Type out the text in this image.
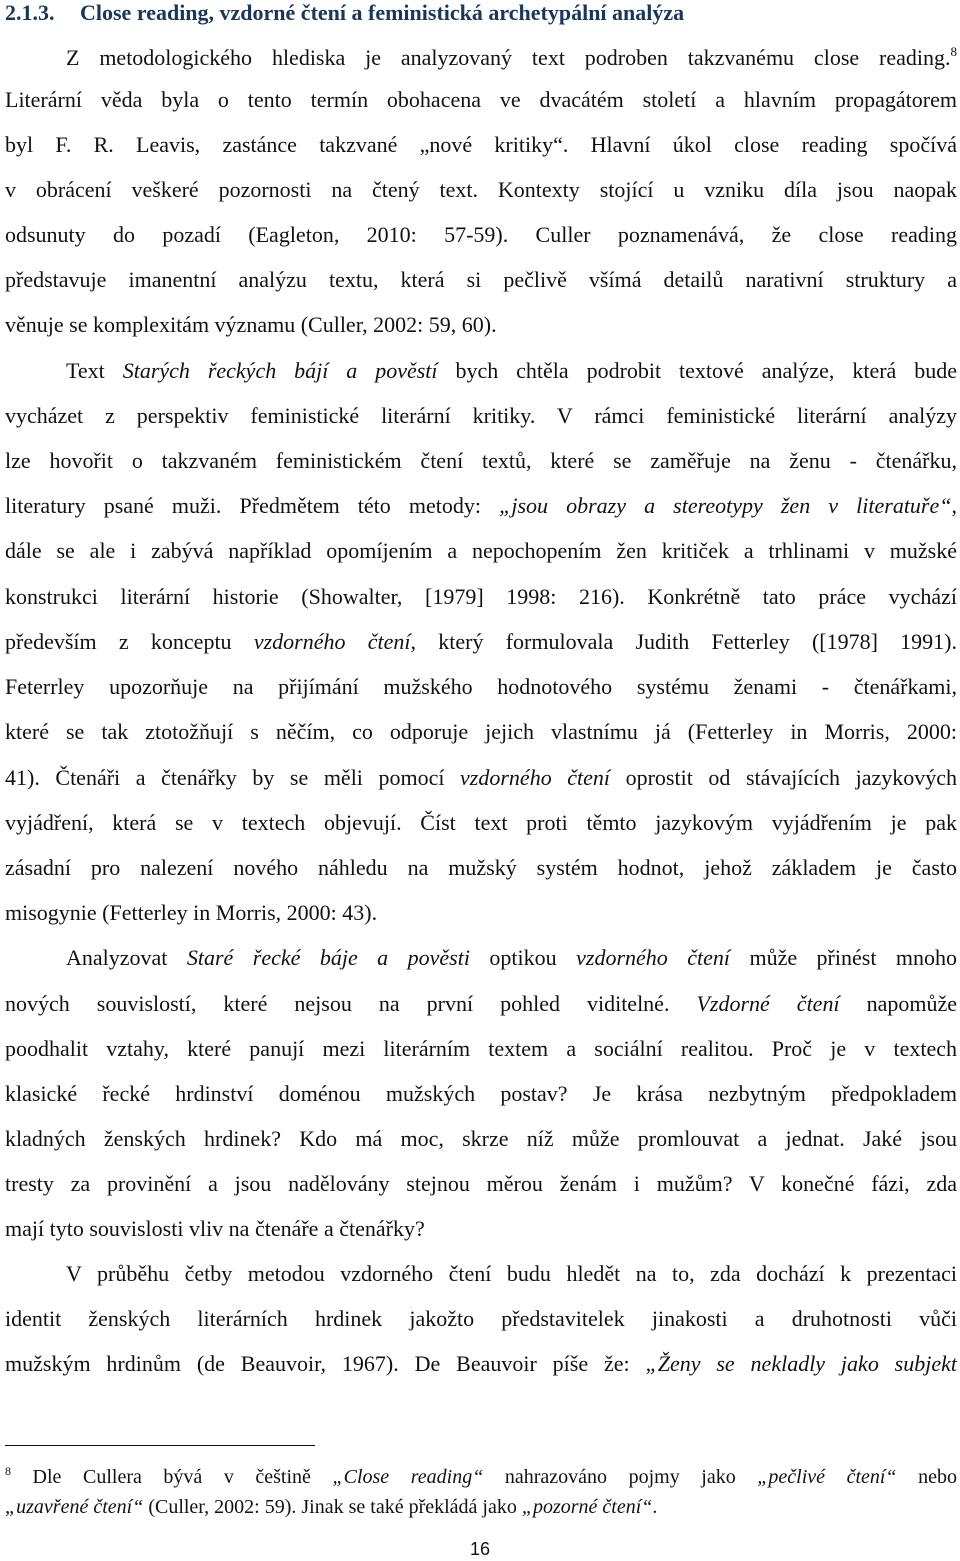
2.1.3. Close reading, vzdorné čtení a feministická archetypální analýza
Z metodologického hlediska je analyzovaný text podroben takzvanému close reading.$^8$
Literární věda byla o tento termín obohacena ve dvacátém století a hlavním propagátorem
byl F. R. Leavis, zastánce takzvané „nové kritiky“. Hlavní úkol close reading spočívá
v obrácení veškeré pozornosti na čtený text. Kontexty stojící u vzniku díla jsou naopak
odsunuty do pozadí (Eagleton, 2010: 57-59). Culler poznamenává, že close reading
představuje imanentní analýzu textu, která si pečlivě všímá detailů narativní struktury a
věnuje se komplexitám významu (Culler, 2002: 59, 60).
Text Starých řeckých bájí a pověstí bych chtěla podrobit textové analýze, která bude
vycházet z perspektiv feministické literární kritiky. V rámci feministické literární analýzy
lze hovořit o takzvaném feministickém čtení textů, které se zaměřuje na ženu - čtenářku,
literatury psané muži. Předmětem této metody: „jsou obrazy a stereotypy žen v literatuře“,
dále se ale i zabývá například opomíjením a nepochopením žen kritiček a trhlinami v mužské
konstrukci literární historie (Showalter, [1979] 1998: 216). Konkrétně tato práce vychází
především z konceptu vzdorného čtení, který formulovala Judith Fetterley ([1978] 1991).
Feterrley upozorňuje na přijímání mužského hodnotového systému ženami - čtenářkami,
které se tak ztotožňují s něčím, co odporuje jejich vlastnímu já (Fetterley in Morris, 2000:
41). Čtenáři a čtenářky by se měli pomocí vzdorného čtení oprostit od stávajících jazykových
vyjádření, která se v textech objevují. Číst text proti těmto jazykovým vyjádřením je pak
zásadní pro nalezení nového náhledu na mužský systém hodnot, jehož základem je často
misogynie (Fetterley in Morris, 2000: 43).
Analyzovat Staré řecké báje a pověsti optikou vzdorného čtení může přinést mnoho
nových souvislostí, které nejsou na první pohled viditelné. Vzdorné čtení napomůže
poodhalit vztahy, které panují mezi literárním textem a sociální realitou. Proč je v textech
klasické řecké hrdinství doménou mužských postav? Je krása nezbytným předpokladem
kladných ženských hrdinek? Kdo má moc, skrze níž může promlouvat a jednat. Jaké jsou
tresty za provinění a jsou nadělovány stejnou měrou ženám i mužům? V konečné fázi, zda
mají tyto souvislosti vliv na čtenáře a čtenářky?
V průběhu četby metodou vzdorného čtení budu hledět na to, zda dochází k prezentaci
identit ženských literárních hrdinek jakožto představitelek jinakosti a druhotnosti vůči
mužským hrdinům (de Beauvoir, 1967). De Beauvoir píše že: „Ženy se nekladly jako subjekt
$^8$ Dle Cullera bývá v češtině „Close reading“ nahrazováno pojmy jako „pečlivé čtení“ nebo
„uzavřené čtení“ (Culler, 2002: 59). Jinak se také překládá jako „pozorné čtení“.
16
